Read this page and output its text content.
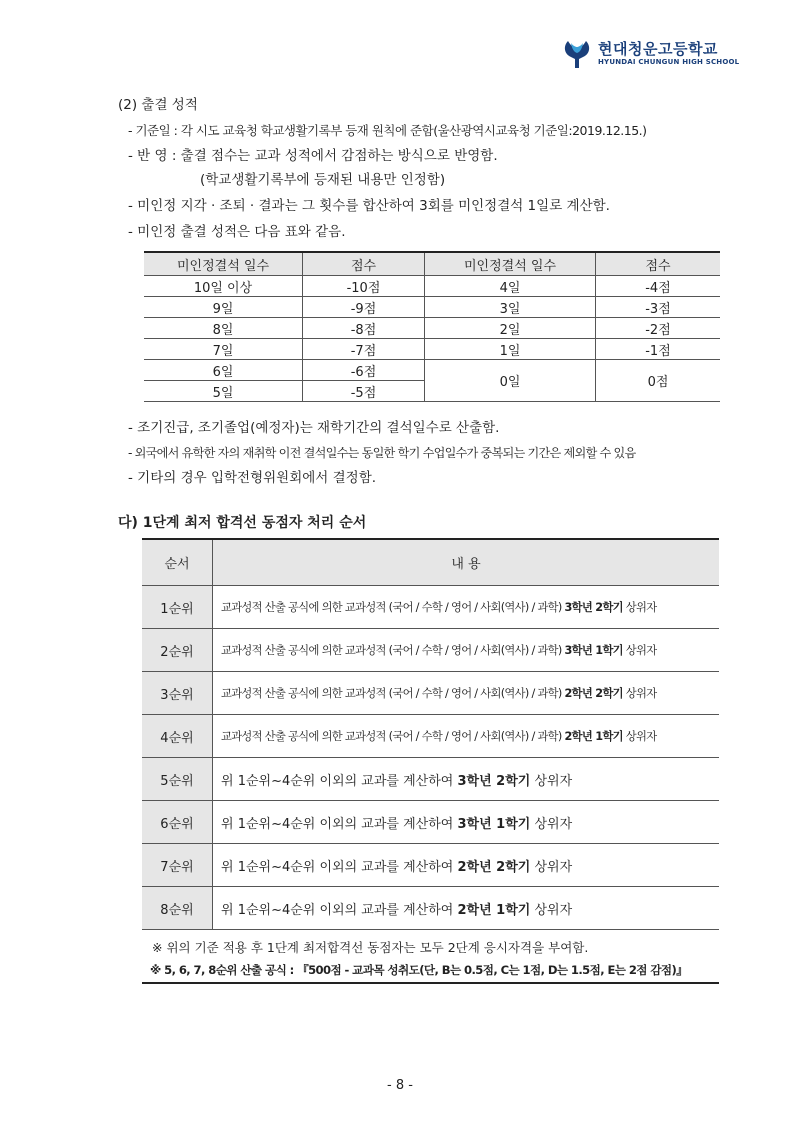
현대청운고등학교
HYUNDAI CHUNGUN HIGH SCHOOL
(2) 출결 성적
- 기준일 : 각 시도 교육청 학교생활기록부 등재 원칙에 준함(울산광역시교육청 기준일:2019.12.15.)
- 반 영 : 출결 점수는 교과 성적에서 감점하는 방식으로 반영함.
(학교생활기록부에 등재된 내용만 인정함)
- 미인정 지각 · 조퇴 · 결과는 그 횟수를 합산하여 3회를 미인정결석 1일로 계산함.
- 미인정 출결 성적은 다음 표와 같음.
미인정결석 일수	점수	미인정결석 일수	점수
10일 이상	-10점	4일	-4점
9일	-9점	3일	-3점
8일	-8점	2일	-2점
7일	-7점	1일	-1점
6일	-6점	0일	0점
5일	-5점		
- 조기진급, 조기졸업(예정자)는 재학기간의 결석일수로 산출함.
- 외국에서 유학한 자의 재취학 이전 결석일수는 동일한 학기 수업일수가 중복되는 기간은 제외할 수 있음
- 기타의 경우 입학전형위원회에서 결정함.
다) 1단계 최저 합격선 동점자 처리 순서
순서	내 용
1순위	교과성적 산출 공식에 의한 교과성적 (국어 / 수학 / 영어 / 사회(역사) / 과학) 3학년 2학기 상위자
2순위	교과성적 산출 공식에 의한 교과성적 (국어 / 수학 / 영어 / 사회(역사) / 과학) 3학년 1학기 상위자
3순위	교과성적 산출 공식에 의한 교과성적 (국어 / 수학 / 영어 / 사회(역사) / 과학) 2학년 2학기 상위자
4순위	교과성적 산출 공식에 의한 교과성적 (국어 / 수학 / 영어 / 사회(역사) / 과학) 2학년 1학기 상위자
5순위	위 1순위~4순위 이외의 교과를 계산하여 3학년 2학기 상위자
6순위	위 1순위~4순위 이외의 교과를 계산하여 3학년 1학기 상위자
7순위	위 1순위~4순위 이외의 교과를 계산하여 2학년 2학기 상위자
8순위	위 1순위~4순위 이외의 교과를 계산하여 2학년 1학기 상위자
※ 위의 기준 적용 후 1단계 최저합격선 동점자는 모두 2단계 응시자격을 부여함.
※ 5, 6, 7, 8순위 산출 공식 : 『500점 - 교과목 성취도(단, B는 0.5점, C는 1점, D는 1.5점, E는 2점 감점)』
- 8 -
